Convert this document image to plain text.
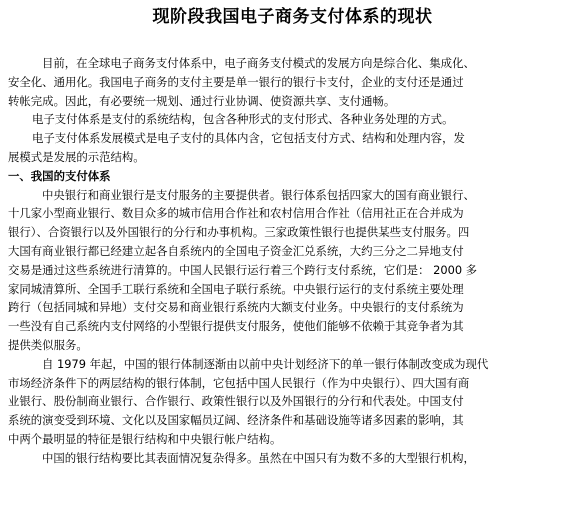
现阶段我国电子商务支付体系的现状
目前，在全球电子商务支付体系中，电子商务支付模式的发展方向是综合化、集成化、
安全化、通用化。我国电子商务的支付主要是单一银行的银行卡支付，企业的支付还是通过
转帐完成。因此，有必要统一规划、通过行业协调、使资源共享、支付通畅。
电子支付体系是支付的系统结构，包含各种形式的支付形式、各种业务处理的方式。
电子支付体系发展模式是电子支付的具体内含，它包括支付方式、结构和处理内容，发
展模式是发展的示范结构。
一、我国的支付体系
中央银行和商业银行是支付服务的主要提供者。银行体系包括四家大的国有商业银行、
十几家小型商业银行、数目众多的城市信用合作社和农村信用合作社（信用社正在合并成为
银行）、合资银行以及外国银行的分行和办事机构。三家政策性银行也提供某些支付服务。四
大国有商业银行都已经建立起各自系统内的全国电子资金汇兑系统，大约三分之二异地支付
交易是通过这些系统进行清算的。中国人民银行运行着三个跨行支付系统，它们是： 2000 多
家同城清算所、全国手工联行系统和全国电子联行系统。中央银行运行的支付系统主要处理
跨行（包括同城和异地）支付交易和商业银行系统内大额支付业务。中央银行的支付系统为
一些没有自己系统内支付网络的小型银行提供支付服务，使他们能够不依赖于其竞争者为其
提供类似服务。
自 1979 年起，中国的银行体制逐渐由以前中央计划经济下的单一银行体制改变成为现代
市场经济条件下的两层结构的银行体制，它包括中国人民银行（作为中央银行）、四大国有商
业银行、股份制商业银行、合作银行、政策性银行以及外国银行的分行和代表处。中国支付
系统的演变受到环境、文化以及国家幅员辽阔、经济条件和基础设施等诸多因素的影响，其
中两个最明显的特征是银行结构和中央银行帐户结构。
中国的银行结构要比其表面情况复杂得多。虽然在中国只有为数不多的大型银行机构，
